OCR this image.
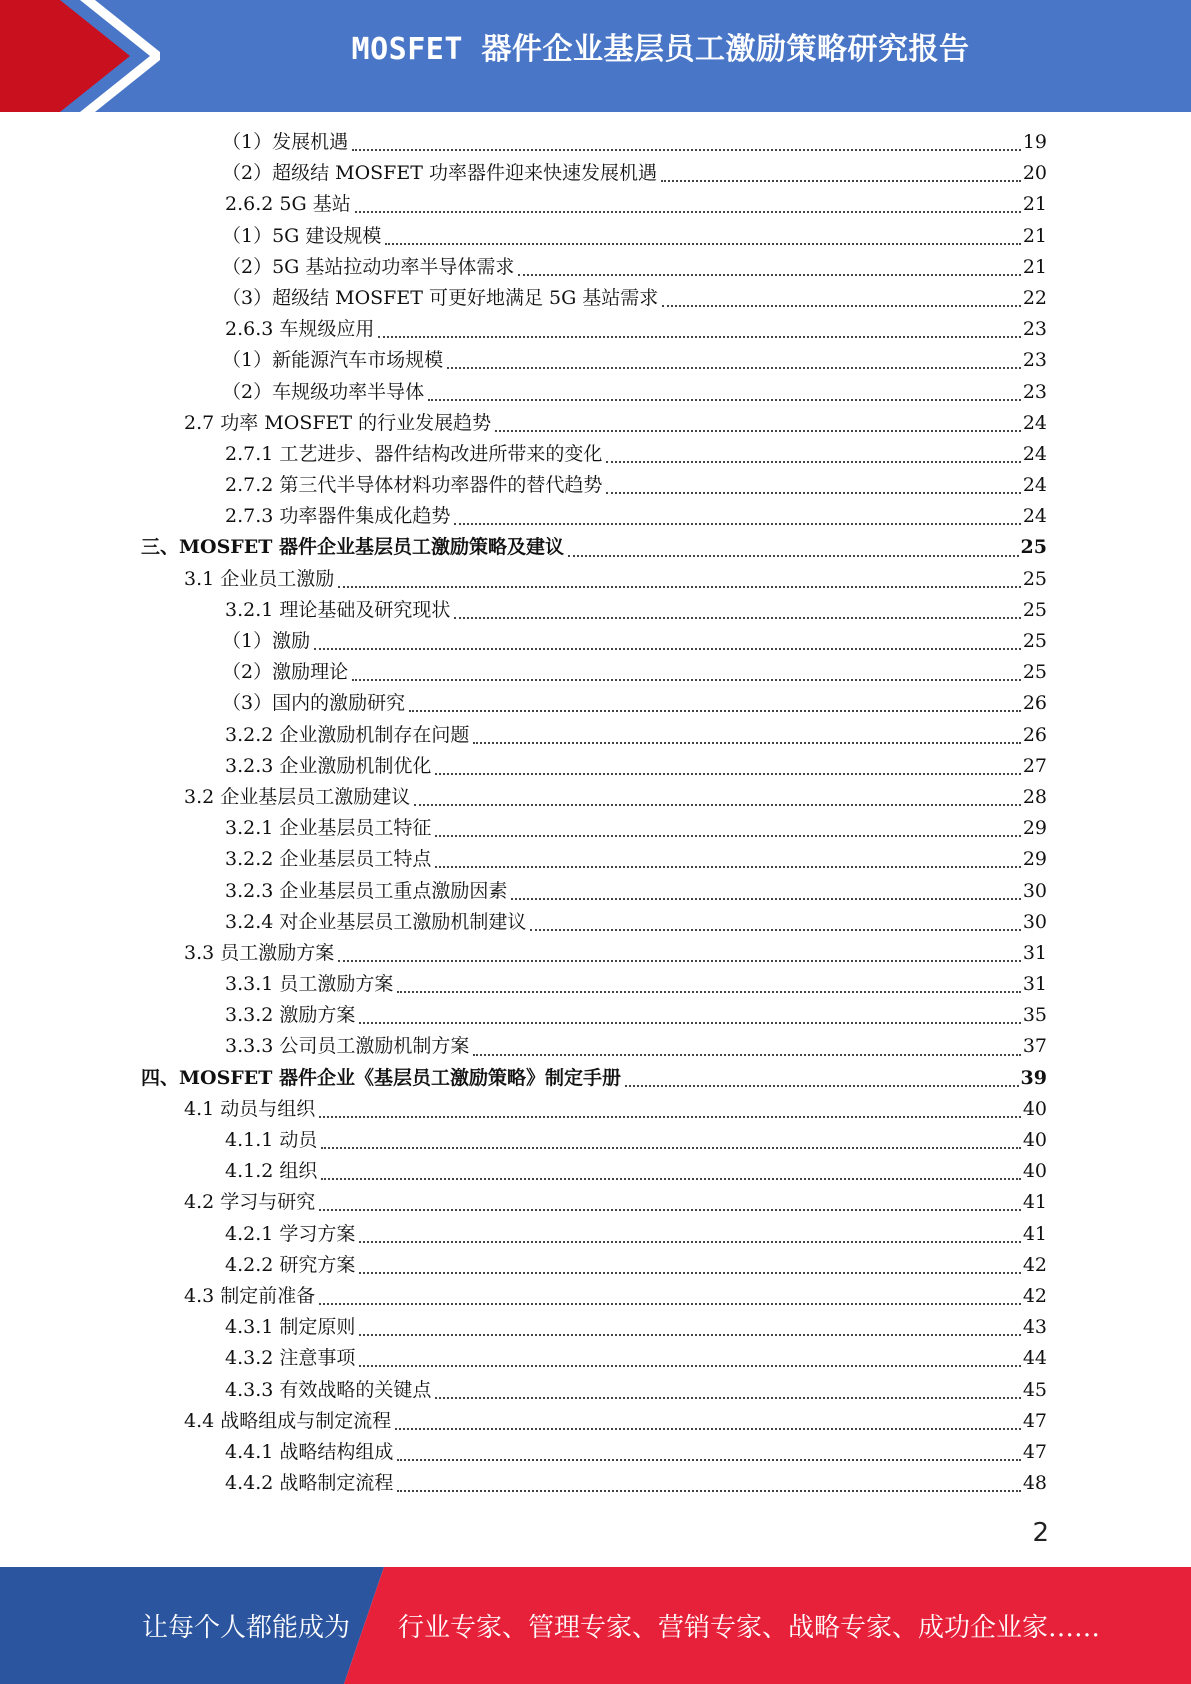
MOSFET 器件企业基层员工激励策略研究报告
（1）发展机遇	19
（2）超级结 MOSFET 功率器件迎来快速发展机遇	20
2.6.2 5G 基站	21
（1）5G 建设规模	21
（2）5G 基站拉动功率半导体需求	21
（3）超级结 MOSFET 可更好地满足 5G 基站需求	22
2.6.3 车规级应用	23
（1）新能源汽车市场规模	23
（2）车规级功率半导体	23
2.7 功率 MOSFET 的行业发展趋势	24
2.7.1 工艺进步、器件结构改进所带来的变化	24
2.7.2 第三代半导体材料功率器件的替代趋势	24
2.7.3 功率器件集成化趋势	24
三、MOSFET 器件企业基层员工激励策略及建议	25
3.1 企业员工激励	25
3.2.1 理论基础及研究现状	25
（1）激励	25
（2）激励理论	25
（3）国内的激励研究	26
3.2.2 企业激励机制存在问题	26
3.2.3 企业激励机制优化	27
3.2 企业基层员工激励建议	28
3.2.1 企业基层员工特征	29
3.2.2 企业基层员工特点	29
3.2.3 企业基层员工重点激励因素	30
3.2.4 对企业基层员工激励机制建议	30
3.3 员工激励方案	31
3.3.1 员工激励方案	31
3.3.2 激励方案	35
3.3.3 公司员工激励机制方案	37
四、MOSFET 器件企业《基层员工激励策略》制定手册	39
4.1 动员与组织	40
4.1.1 动员	40
4.1.2 组织	40
4.2 学习与研究	41
4.2.1 学习方案	41
4.2.2 研究方案	42
4.3 制定前准备	42
4.3.1 制定原则	43
4.3.2 注意事项	44
4.3.3 有效战略的关键点	45
4.4 战略组成与制定流程	47
4.4.1 战略结构组成	47
4.4.2 战略制定流程	48
2
让每个人都能成为 行业专家、管理专家、营销专家、战略专家、成功企业家……
